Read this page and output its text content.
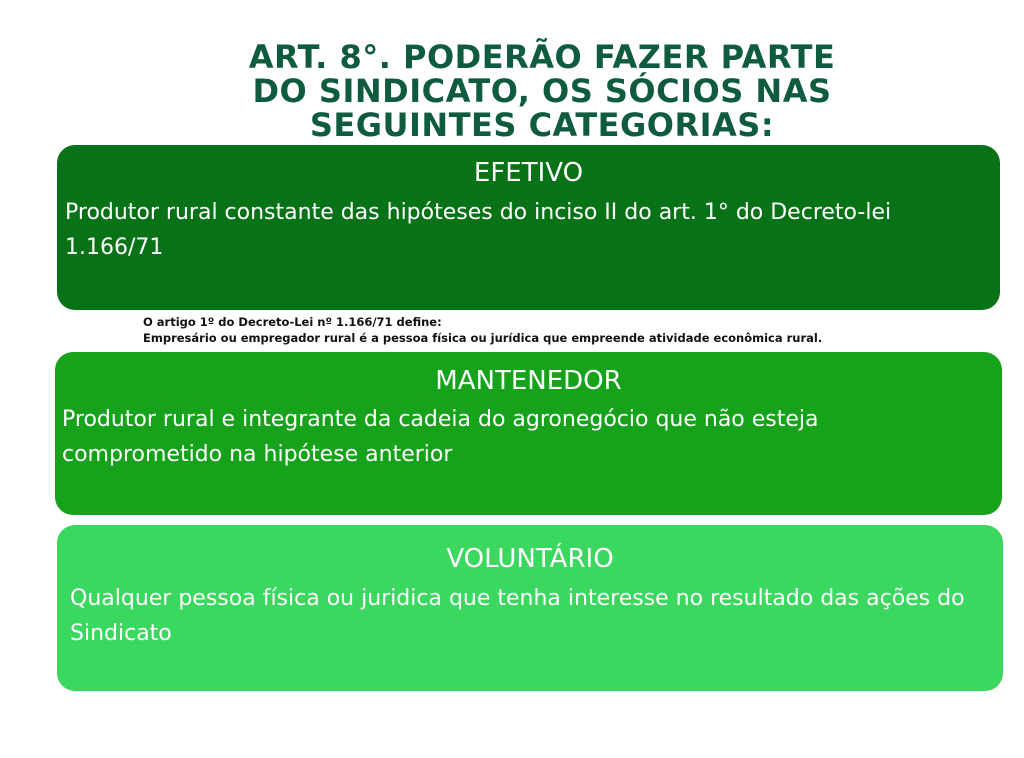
ART. 8°. PODERÃO FAZER PARTE
DO SINDICATO, OS SÓCIOS NAS
SEGUINTES CATEGORIAS:
EFETIVO
Produtor rural constante das hipóteses do inciso II do art. 1° do Decreto-lei 1.166/71
O artigo 1º do Decreto-Lei nº 1.166/71 define:
Empresário ou empregador rural é a pessoa física ou jurídica que empreende atividade econômica rural.
MANTENEDOR
Produtor rural e integrante da cadeia do agronegócio que não esteja comprometido na hipótese anterior
VOLUNTÁRIO
Qualquer pessoa física ou juridica que tenha interesse no resultado das ações do Sindicato
